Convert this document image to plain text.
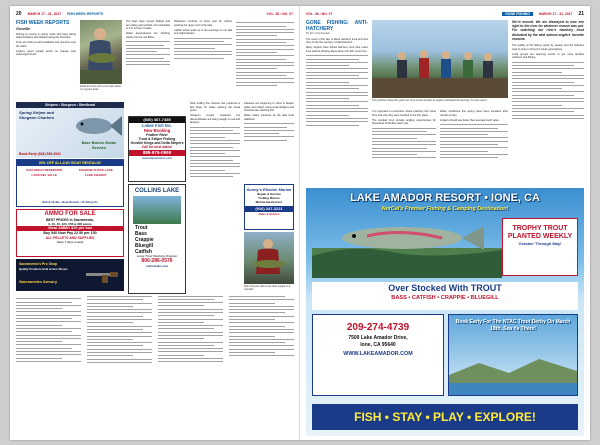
20 MARCH 17 - 31, 2017 FISH WEEK REPORTS	VOL. 36 • NO. 07
FISH WEEK REPORTS
Oroville

Fishing is moving in spring mode with bass taking shad imitations and plastics along the shoreline.

Trout are hitting small crankbaits and spinners near the inlets.

Anglers report steady action on crappie near submerged brush.

Santa Fe Harris with a nice bass taken on a jig last week.

The bass have moved shallow and are taking spinnerbaits and swimbaits in 5 to 12 feet of water.

Water temperatures are climbing slowly into the mid fifties.

Rainbows continue to show well for trollers working the upper end of the lake.

Catfish action picks up in the evenings on cut bait and nightcrawlers.

Stripers • Sturgeon • Steelhead
Spring Striper and Sturgeon Charters
Bare Bones Guide Service
Book Early (916) 539-2541
20% OFF ALL-DAY BOAT RENTALS!!
SAN PABLO RESERVOIR	SHADOW CLIFFS LAKE
LAKE DEL VALLE	LAKE CHABOT
Bait & Tackle • Boat Rentals • Fishing Info
AMMO FOR SALE
BEST PRICES in Sacramento,
9, 40, 45, 223, 556 & 308 ammo
40cal AMMO $19 per box
Buy 540 Now Pay 22.50 per 100
ALL PELLETS AND SUPPLIES
Open 7 days a week
Sacramento's Pro Shop
Quality Products Sold at Gun Shows
Sacramento Armory
(530) 367-7455
Lakes Fish Inc.
New Booking
Feather River
Trout & Striper Fishing
Oroville Kings and Delta Stripers
Call for best dates!
888-976-0990
www.lakesfishinc.com
COLLINS LAKE
Trout
Bass
Crappie
Bluegill
Catfish
Large Trout Stocking Program
800-286-0576
collinslake.com

Slow trolling the channel has produced a few kings for boats working the usual spots.

Sturgeon remain scattered but diamondbacks are being caught on eel and lamprey.

Kokanee are beginning to show in deeper water and trollers using small dodgers and hoochies are catching fish.

Water clarity improves as the lake level stabilizes.

Sunny's Electric Marine
Repair & Service
Trolling Motors
Marine Electronics
(916) 247-3221
Sales & Service
Ryan Simpson with a nice bass caught on a swimbait.
VOL. 36 • NO. 07	GONE FISHING	MARCH 17 - 31, 2017 21
GONE FISHING: ANTI-HATCHERY
By Ron Chamberlain

The news of the day is about hatchery trout and how they fit into the recovery of wild fisheries.

Many anglers have fished hatchery trout their entire lives without thinking about where the fish come from.

The publisher shared the gold rush story at Lake Amador as anglers celebrated the opening of a new season.

It is important to remember where hatchery fish came from and why they were stocked in the first place.

The stocked trout provide angling opportunities for thousands of families each year.

Water conditions this spring have been excellent after months of rain.

Anglers should see better than average catch rates.

We're moved. We are dismayed to now see right to the river for whatever reason was put. For watching our river's hatchery trout disturbed by the wild salmon anglers' favorite reasons.

The quality of the fishing varies by season and the fisheries work to keep it strong for future generations.

Local groups are planning events to get more families outdoors and fishing.

LAKE AMADOR RESORT • IONE, CA
NorCal's Premier Fishing & Camping Destination!
TROPHY TROUT PLANTED WEEKLY
October Through May!
Over Stocked With TROUT
BASS • CATFISH • CRAPPIE • BLUEGILL
209-274-4739
7500 Lake Amador Drive,
Ione, CA 95640
WWW.LAKEAMADOR.COM
Book Early For The NTAC Trout Derby On March 18th. Sea Ya There!
FISH • STAY • PLAY • EXPLORE!
